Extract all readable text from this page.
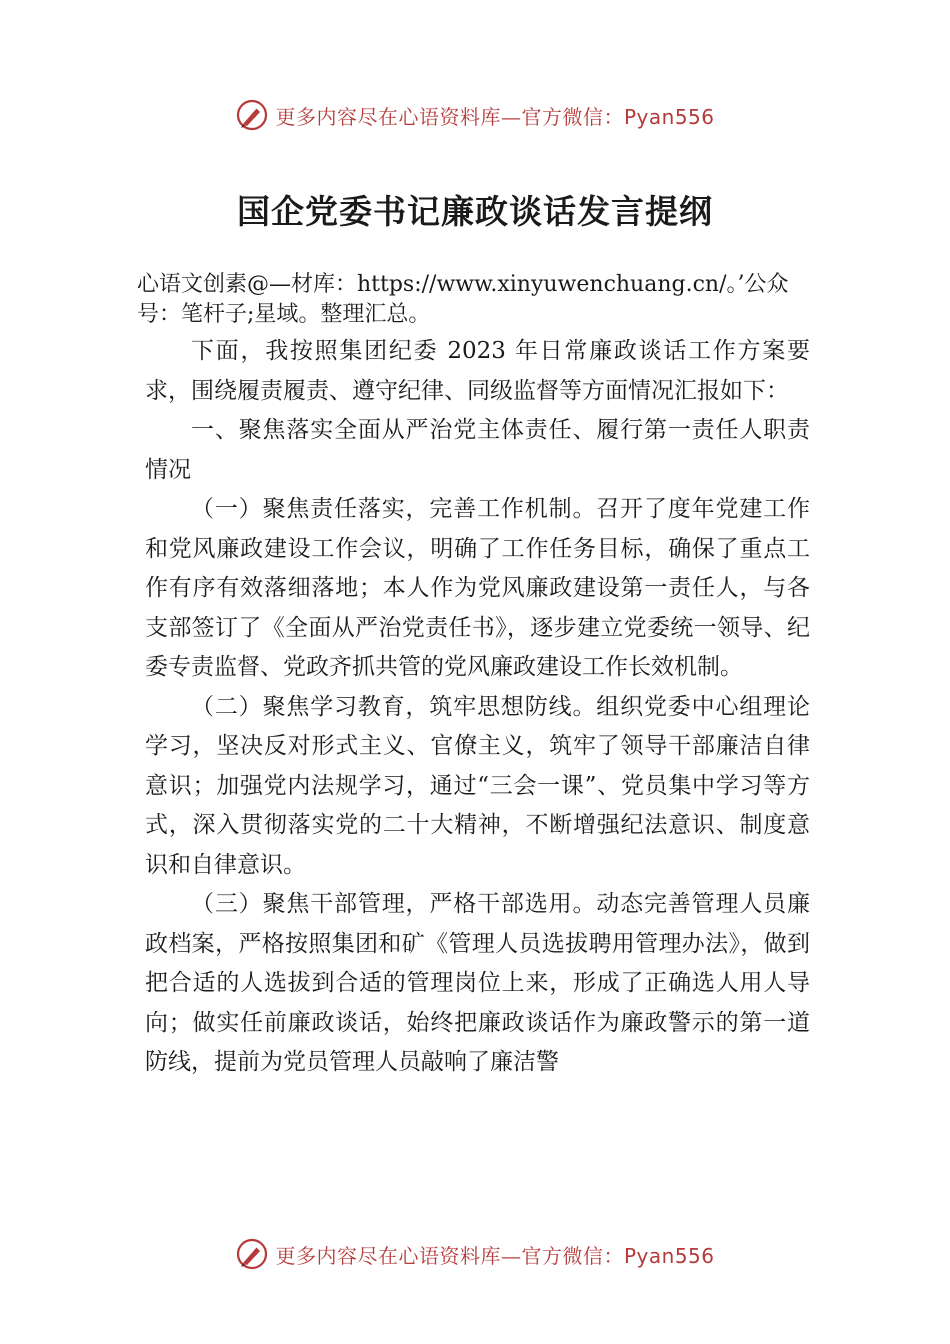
更多内容尽在心语资料库—官方微信：Pyan556
国企党委书记廉政谈话发言提纲

心语文创素@—材库：https://www.xinyuwenchuang.cn/。’公众号：笔杆子;星域。整理汇总。

下面，我按照集团纪委 2023 年日常廉政谈话工作方案要求，围绕履责履责、遵守纪律、同级监督等方面情况汇报如下：

一、聚焦落实全面从严治党主体责任、履行第一责任人职责情况

（一）聚焦责任落实，完善工作机制。召开了度年党建工作和党风廉政建设工作会议，明确了工作任务目标，确保了重点工作有序有效落细落地；本人作为党风廉政建设第一责任人，与各支部签订了《全面从严治党责任书》，逐步建立党委统一领导、纪委专责监督、党政齐抓共管的党风廉政建设工作长效机制。

（二）聚焦学习教育，筑牢思想防线。组织党委中心组理论学习，坚决反对形式主义、官僚主义，筑牢了领导干部廉洁自律意识；加强党内法规学习，通过“三会一课”、党员集中学习等方式，深入贯彻落实党的二十大精神，不断增强纪法意识、制度意识和自律意识。

（三）聚焦干部管理，严格干部选用。动态完善管理人员廉政档案，严格按照集团和矿《管理人员选拔聘用管理办法》，做到把合适的人选拔到合适的管理岗位上来，形成了正确选人用人导向；做实任前廉政谈话，始终把廉政谈话作为廉政警示的第一道防线，提前为党员管理人员敲响了廉洁警

更多内容尽在心语资料库—官方微信：Pyan556
